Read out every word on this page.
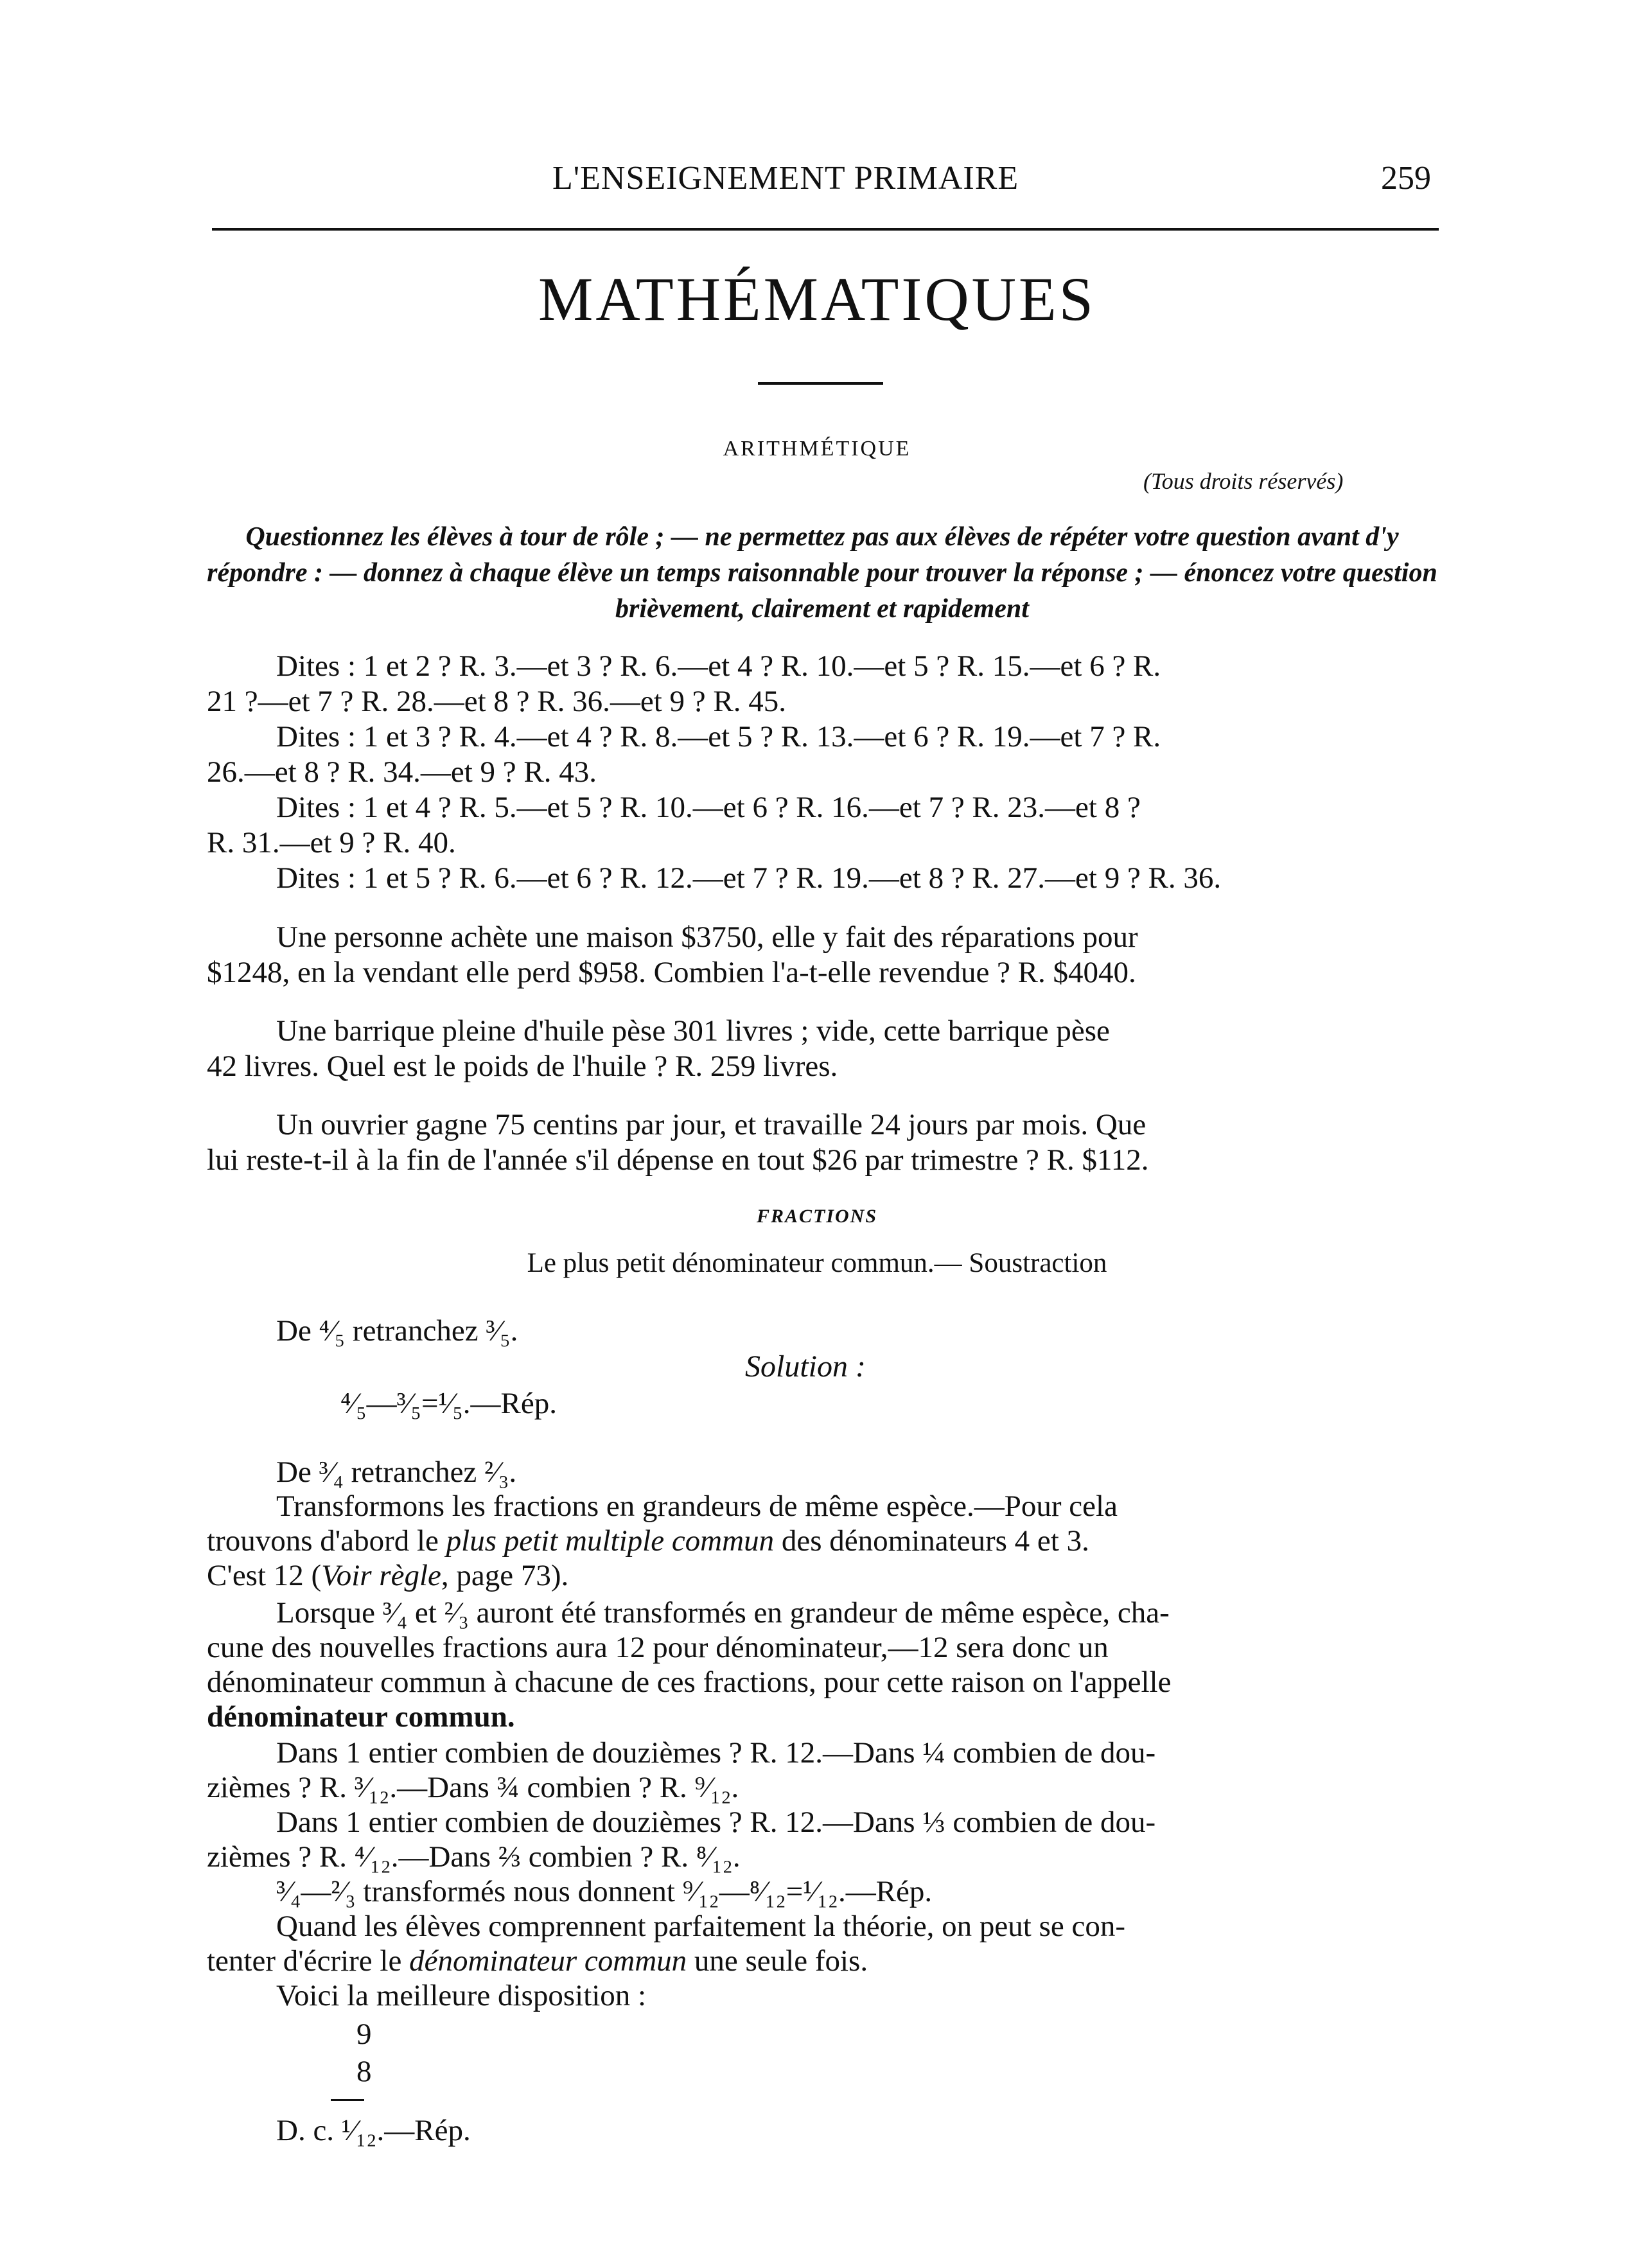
L'ENSEIGNEMENT PRIMAIRE	259
MATHÉMATIQUES
ARITHMÉTIQUE
(Tous droits réservés)
Questionnez les élèves à tour de rôle ; — ne permettez pas aux élèves de répéter votre question avant d'y répondre : — donnez à chaque élève un temps raisonnable pour trouver la réponse ; — énoncez votre question brièvement, clairement et rapidement
Dites : 1 et 2 ? R. 3.—et 3 ? R. 6.—et 4 ? R. 10.—et 5 ? R. 15.—et 6 ? R.
21 ?—et 7 ? R. 28.—et 8 ? R. 36.—et 9 ? R. 45.
Dites : 1 et 3 ? R. 4.—et 4 ? R. 8.—et 5 ? R. 13.—et 6 ? R. 19.—et 7 ? R.
26.—et 8 ? R. 34.—et 9 ? R. 43.
Dites : 1 et 4 ? R. 5.—et 5 ? R. 10.—et 6 ? R. 16.—et 7 ? R. 23.—et 8 ?
R. 31.—et 9 ? R. 40.
Dites : 1 et 5 ? R. 6.—et 6 ? R. 12.—et 7 ? R. 19.—et 8 ? R. 27.—et 9 ? R. 36.
Une personne achète une maison $3750, elle y fait des réparations pour
$1248, en la vendant elle perd $958. Combien l'a-t-elle revendue ? R. $4040.
Une barrique pleine d'huile pèse 301 livres ; vide, cette barrique pèse
42 livres. Quel est le poids de l'huile ? R. 259 livres.
Un ouvrier gagne 75 centins par jour, et travaille 24 jours par mois. Que
lui reste-t-il à la fin de l'année s'il dépense en tout $26 par trimestre ? R. $112.
FRACTIONS
Le plus petit dénominateur commun.— Soustraction
De ⁴⁄₅ retranchez ³⁄₅.
Solution :
⁴⁄₅—³⁄₅=¹⁄₅.—Rép.
De ³⁄₄ retranchez ²⁄₃.
Transformons les fractions en grandeurs de même espèce.—Pour cela
trouvons d'abord le plus petit multiple commun des dénominateurs 4 et 3.
C'est 12 (Voir règle, page 73).
Lorsque ³⁄₄ et ²⁄₃ auront été transformés en grandeur de même espèce, cha-
cune des nouvelles fractions aura 12 pour dénominateur,—12 sera donc un
dénominateur commun à chacune de ces fractions, pour cette raison on l'appelle
dénominateur commun.
Dans 1 entier combien de douzièmes ? R. 12.—Dans ¼ combien de dou-
zièmes ? R. ³⁄₁₂.—Dans ¾ combien ? R. ⁹⁄₁₂.
Dans 1 entier combien de douzièmes ? R. 12.—Dans ⅓ combien de dou-
zièmes ? R. ⁴⁄₁₂.—Dans ⅔ combien ? R. ⁸⁄₁₂.
³⁄₄—²⁄₃ transformés nous donnent ⁹⁄₁₂—⁸⁄₁₂=¹⁄₁₂.—Rép.
Quand les élèves comprennent parfaitement la théorie, on peut se con-
tenter d'écrire le dénominateur commun une seule fois.
Voici la meilleure disposition :
9
8
D. c. ¹⁄₁₂.—Rép.
